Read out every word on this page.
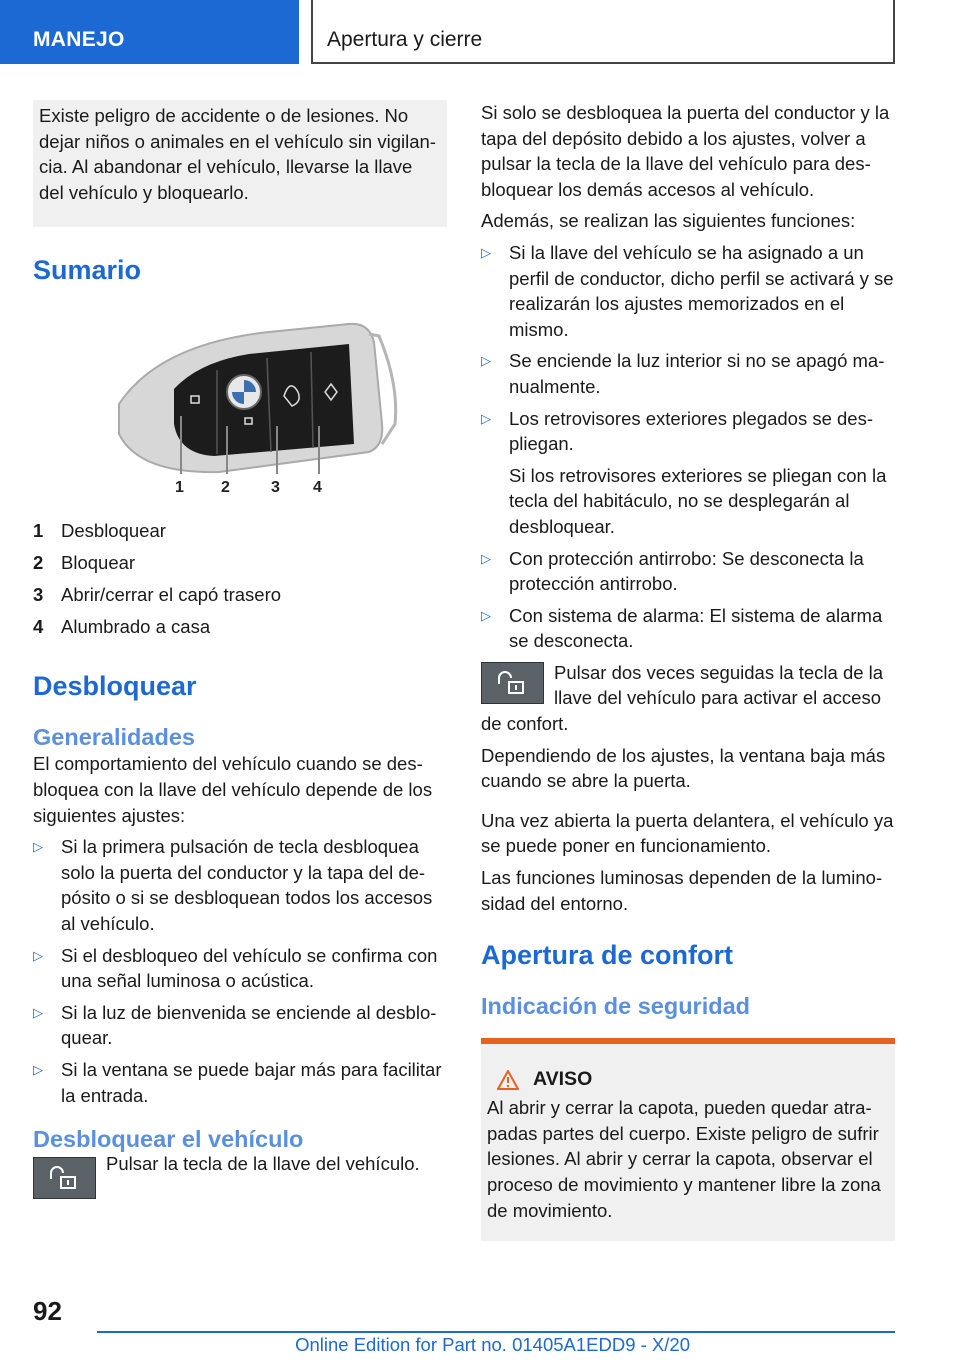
MANEJO	Apertura y cierre
Existe peligro de accidente o de lesiones. No dejar niños o animales en el vehículo sin vigilancia. Al abandonar el vehículo, llevarse la llave del vehículo y bloquearlo.
Sumario
1 2	3 4
1 Desbloquear
2 Bloquear
3 Abrir/cerrar el capó trasero
4 Alumbrado a casa
Desbloquear
Generalidades

El comportamiento del vehículo cuando se desbloquea con la llave del vehículo depende de los siguientes ajustes:

▷ Si la primera pulsación de tecla desbloquea solo la puerta del conductor y la tapa del depósito o si se desbloquean todos los accesos al vehículo.
▷ Si el desbloqueo del vehículo se confirma con una señal luminosa o acústica.
▷ Si la luz de bienvenida se enciende al desbloquear.
▷ Si la ventana se puede bajar más para facilitar la entrada.
Desbloquear el vehículo

Pulsar la tecla de la llave del vehículo.

Si solo se desbloquea la puerta del conductor y la tapa del depósito debido a los ajustes, volver a pulsar la tecla de la llave del vehículo para desbloquear los demás accesos al vehículo.

Además, se realizan las siguientes funciones:

▷ Si la llave del vehículo se ha asignado a un perfil de conductor, dicho perfil se activará y se realizarán los ajustes memorizados en el mismo.
▷ Se enciende la luz interior si no se apagó manualmente.
▷ Los retrovisores exteriores plegados se despliegan.
Si los retrovisores exteriores se pliegan con la tecla del habitáculo, no se desplegarán al desbloquear.
▷ Con protección antirrobo: Se desconecta la protección antirrobo.
▷ Con sistema de alarma: El sistema de alarma se desconecta.

Pulsar dos veces seguidas la tecla de la llave del vehículo para activar el acceso de confort.

Dependiendo de los ajustes, la ventana baja más cuando se abre la puerta.

Una vez abierta la puerta delantera, el vehículo ya se puede poner en funcionamiento.

Las funciones luminosas dependen de la luminosidad del entorno.

Apertura de confort
Indicación de seguridad
AVISO

Al abrir y cerrar la capota, pueden quedar atrapadas partes del cuerpo. Existe peligro de sufrir lesiones. Al abrir y cerrar la capota, observar el proceso de movimiento y mantener libre la zona de movimiento.

92
Online Edition for Part no. 01405A1EDD9 - X/20
